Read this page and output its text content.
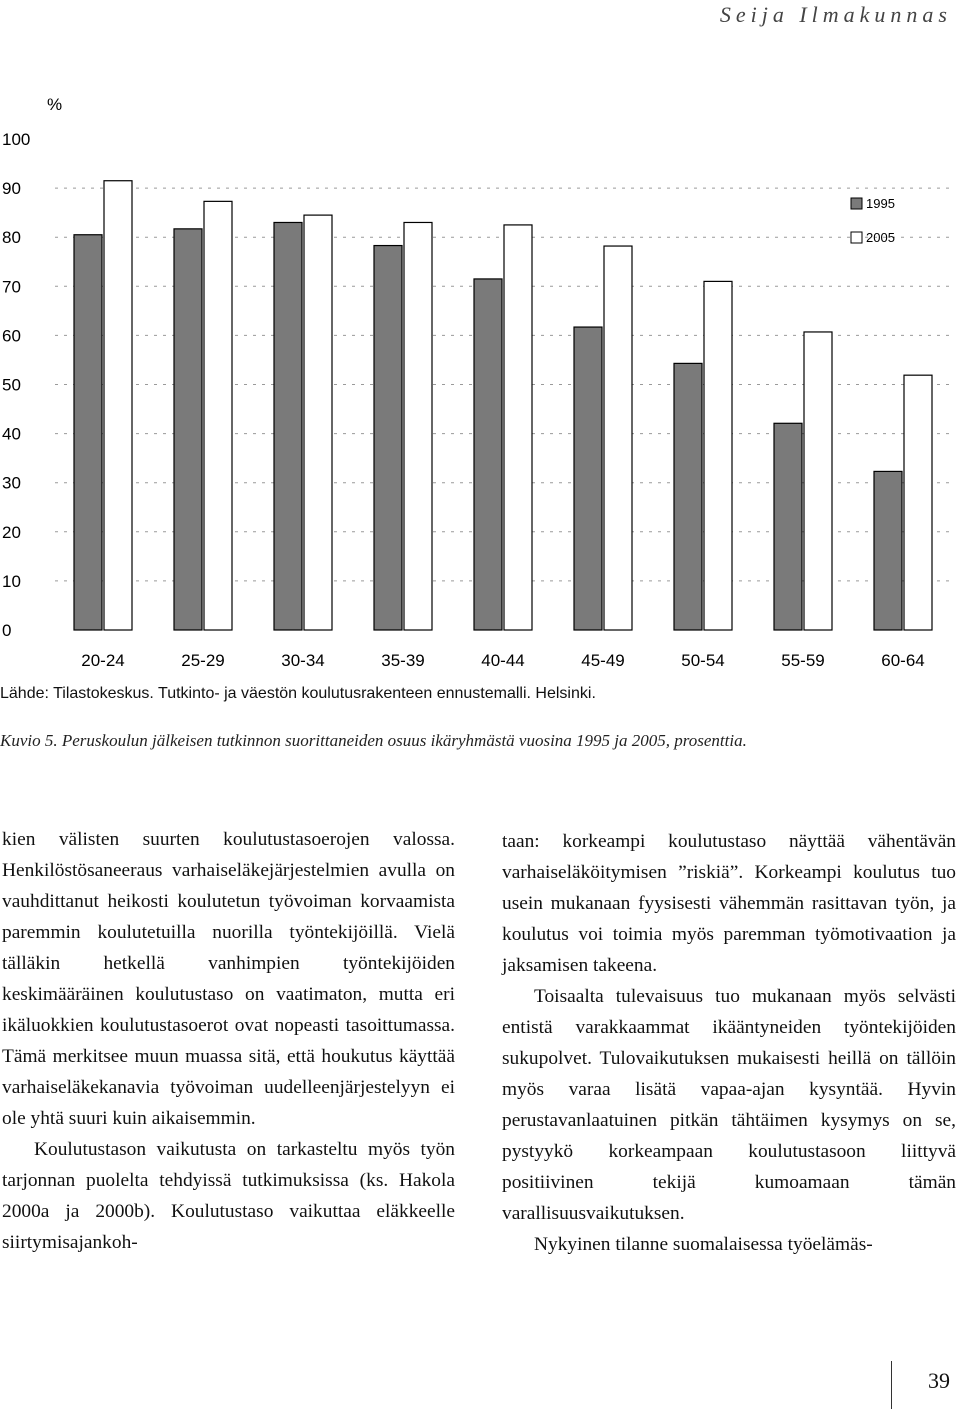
Seija Ilmakunnas
0
10
20
30
40
50
60
70
80
90
100
20-24	25-29	30-34	35-39	40-44	45-49	50-54	55-59	60-64
%
1995
2005
Lähde: Tilastokeskus. Tutkinto- ja väestön koulutusrakenteen ennustemalli. Helsinki.
Kuvio 5. Peruskoulun jälkeisen tutkinnon suorittaneiden osuus ikäryhmästä vuosina 1995 ja 2005, prosenttia.

kien välisten suurten koulutustasoerojen valossa. Henkilöstösaneeraus varhaiseläkejärjestelmien avulla on vauhdittanut heikosti koulutetun työvoiman korvaamista paremmin koulutetuilla nuorilla työntekijöillä. Vielä tälläkin hetkellä vanhimpien työntekijöiden keskimääräinen koulutustaso on vaatimaton, mutta eri ikäluokkien koulutustasoerot ovat nopeasti tasoittumassa. Tämä merkitsee muun muassa sitä, että houkutus käyttää varhaiseläkekanavia työvoiman uudelleenjärjestelyyn ei ole yhtä suuri kuin aikaisemmin.

Koulutustason vaikutusta on tarkasteltu myös työn tarjonnan puolelta tehdyissä tutkimuksissa (ks. Hakola 2000a ja 2000b). Koulutustaso vaikuttaa eläkkeelle siirtymisajankoh-

taan: korkeampi koulutustaso näyttää vähentävän varhaiseläköitymisen ”riskiä”. Korkeampi koulutus tuo usein mukanaan fyysisesti vähemmän rasittavan työn, ja koulutus voi toimia myös paremman työmotivaation ja jaksamisen takeena.

Toisaalta tulevaisuus tuo mukanaan myös selvästi entistä varakkaammat ikääntyneiden työntekijöiden sukupolvet. Tulovaikutuksen mukaisesti heillä on tällöin myös varaa lisätä vapaa-ajan kysyntää. Hyvin perustavanlaatuinen pitkän tähtäimen kysymys on se, pystyykö korkeampaan koulutustasoon liittyvä positiivinen tekijä kumoamaan tämän varallisuusvaikutuksen.

Nykyinen tilanne suomalaisessa työelämäs-

39
